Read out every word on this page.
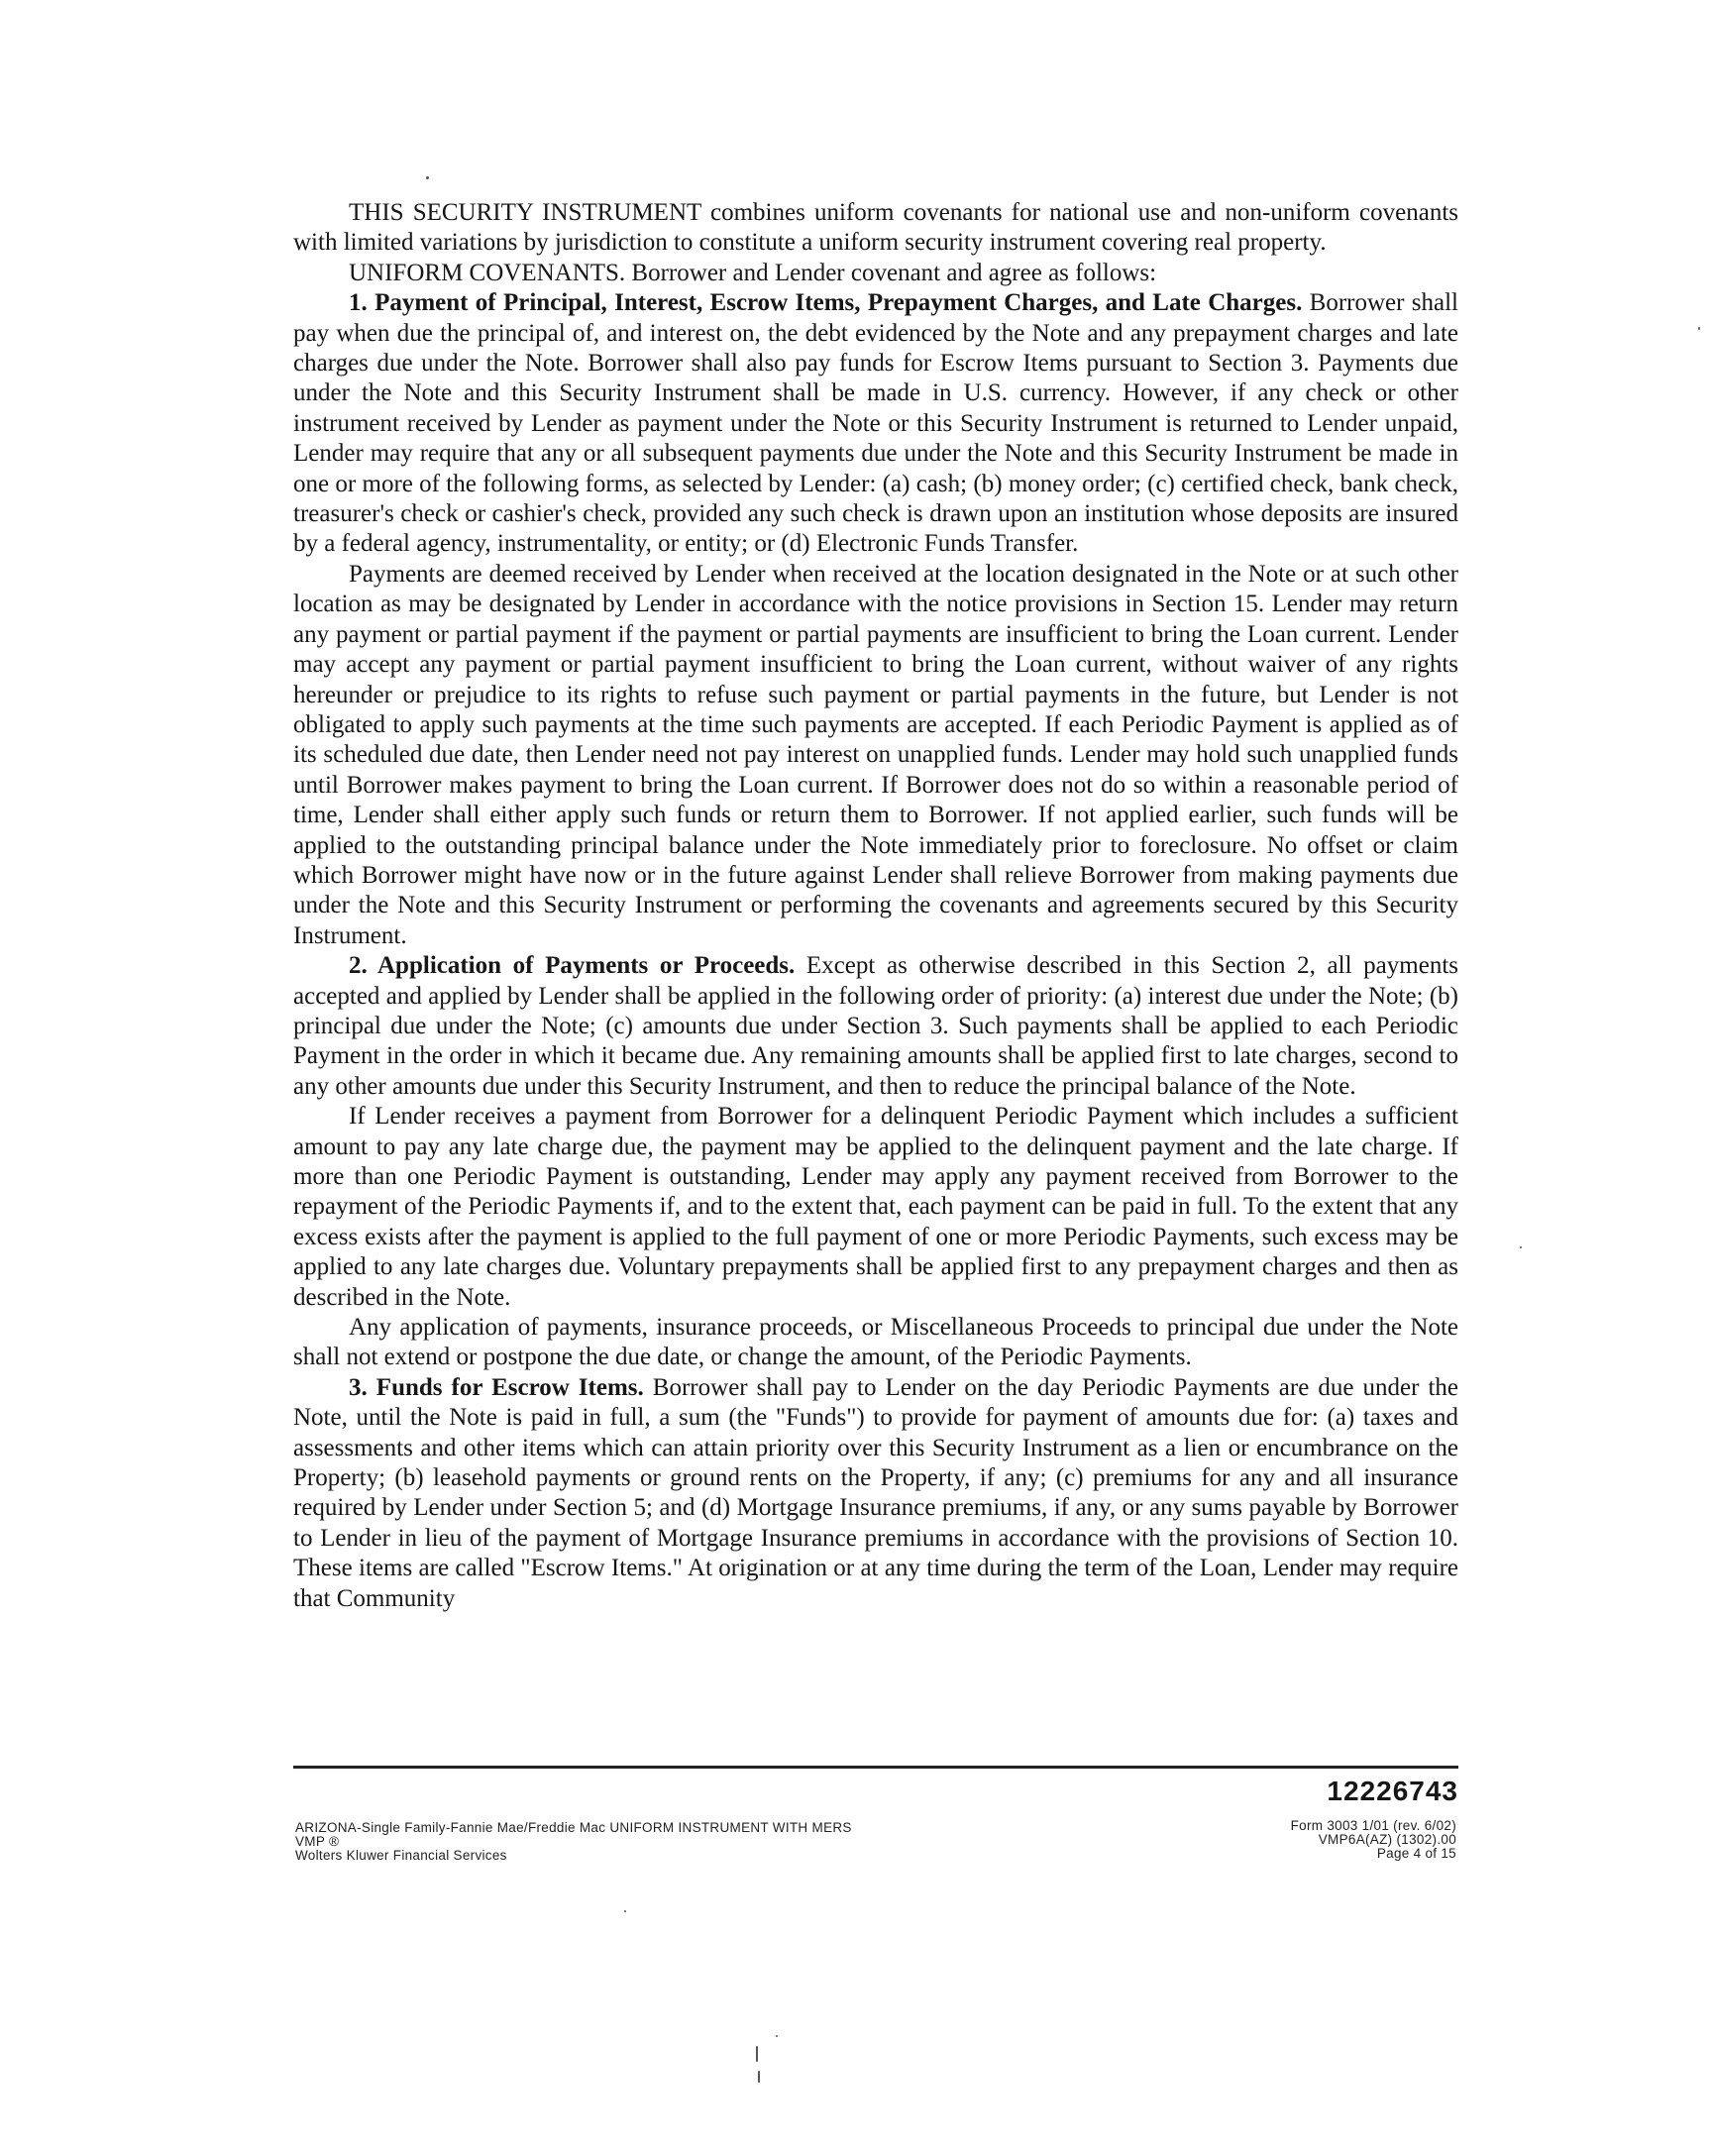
THIS SECURITY INSTRUMENT combines uniform covenants for national use and non-uniform covenants with limited variations by jurisdiction to constitute a uniform security instrument covering real property.

UNIFORM COVENANTS. Borrower and Lender covenant and agree as follows:

1. Payment of Principal, Interest, Escrow Items, Prepayment Charges, and Late Charges. Borrower shall pay when due the principal of, and interest on, the debt evidenced by the Note and any prepayment charges and late charges due under the Note. Borrower shall also pay funds for Escrow Items pursuant to Section 3. Payments due under the Note and this Security Instrument shall be made in U.S. currency. However, if any check or other instrument received by Lender as payment under the Note or this Security Instrument is returned to Lender unpaid, Lender may require that any or all subsequent payments due under the Note and this Security Instrument be made in one or more of the following forms, as selected by Lender: (a) cash; (b) money order; (c) certified check, bank check, treasurer's check or cashier's check, provided any such check is drawn upon an institution whose deposits are insured by a federal agency, instrumentality, or entity; or (d) Electronic Funds Transfer.

Payments are deemed received by Lender when received at the location designated in the Note or at such other location as may be designated by Lender in accordance with the notice provisions in Section 15. Lender may return any payment or partial payment if the payment or partial payments are insufficient to bring the Loan current. Lender may accept any payment or partial payment insufficient to bring the Loan current, without waiver of any rights hereunder or prejudice to its rights to refuse such payment or partial payments in the future, but Lender is not obligated to apply such payments at the time such payments are accepted. If each Periodic Payment is applied as of its scheduled due date, then Lender need not pay interest on unapplied funds. Lender may hold such unapplied funds until Borrower makes payment to bring the Loan current. If Borrower does not do so within a reasonable period of time, Lender shall either apply such funds or return them to Borrower. If not applied earlier, such funds will be applied to the outstanding principal balance under the Note immediately prior to foreclosure. No offset or claim which Borrower might have now or in the future against Lender shall relieve Borrower from making payments due under the Note and this Security Instrument or performing the covenants and agreements secured by this Security Instrument.

2. Application of Payments or Proceeds. Except as otherwise described in this Section 2, all payments accepted and applied by Lender shall be applied in the following order of priority: (a) interest due under the Note; (b) principal due under the Note; (c) amounts due under Section 3. Such payments shall be applied to each Periodic Payment in the order in which it became due. Any remaining amounts shall be applied first to late charges, second to any other amounts due under this Security Instrument, and then to reduce the principal balance of the Note.

If Lender receives a payment from Borrower for a delinquent Periodic Payment which includes a sufficient amount to pay any late charge due, the payment may be applied to the delinquent payment and the late charge. If more than one Periodic Payment is outstanding, Lender may apply any payment received from Borrower to the repayment of the Periodic Payments if, and to the extent that, each payment can be paid in full. To the extent that any excess exists after the payment is applied to the full payment of one or more Periodic Payments, such excess may be applied to any late charges due. Voluntary prepayments shall be applied first to any prepayment charges and then as described in the Note.

Any application of payments, insurance proceeds, or Miscellaneous Proceeds to principal due under the Note shall not extend or postpone the due date, or change the amount, of the Periodic Payments.

3. Funds for Escrow Items. Borrower shall pay to Lender on the day Periodic Payments are due under the Note, until the Note is paid in full, a sum (the "Funds") to provide for payment of amounts due for: (a) taxes and assessments and other items which can attain priority over this Security Instrument as a lien or encumbrance on the Property; (b) leasehold payments or ground rents on the Property, if any; (c) premiums for any and all insurance required by Lender under Section 5; and (d) Mortgage Insurance premiums, if any, or any sums payable by Borrower to Lender in lieu of the payment of Mortgage Insurance premiums in accordance with the provisions of Section 10. These items are called "Escrow Items." At origination or at any time during the term of the Loan, Lender may require that Community

12226743
ARIZONA-Single Family-Fannie Mae/Freddie Mac UNIFORM INSTRUMENT WITH MERS
VMP ®
Wolters Kluwer Financial Services
Form 3003 1/01 (rev. 6/02)
VMP6A(AZ) (1302).00
Page 4 of 15
